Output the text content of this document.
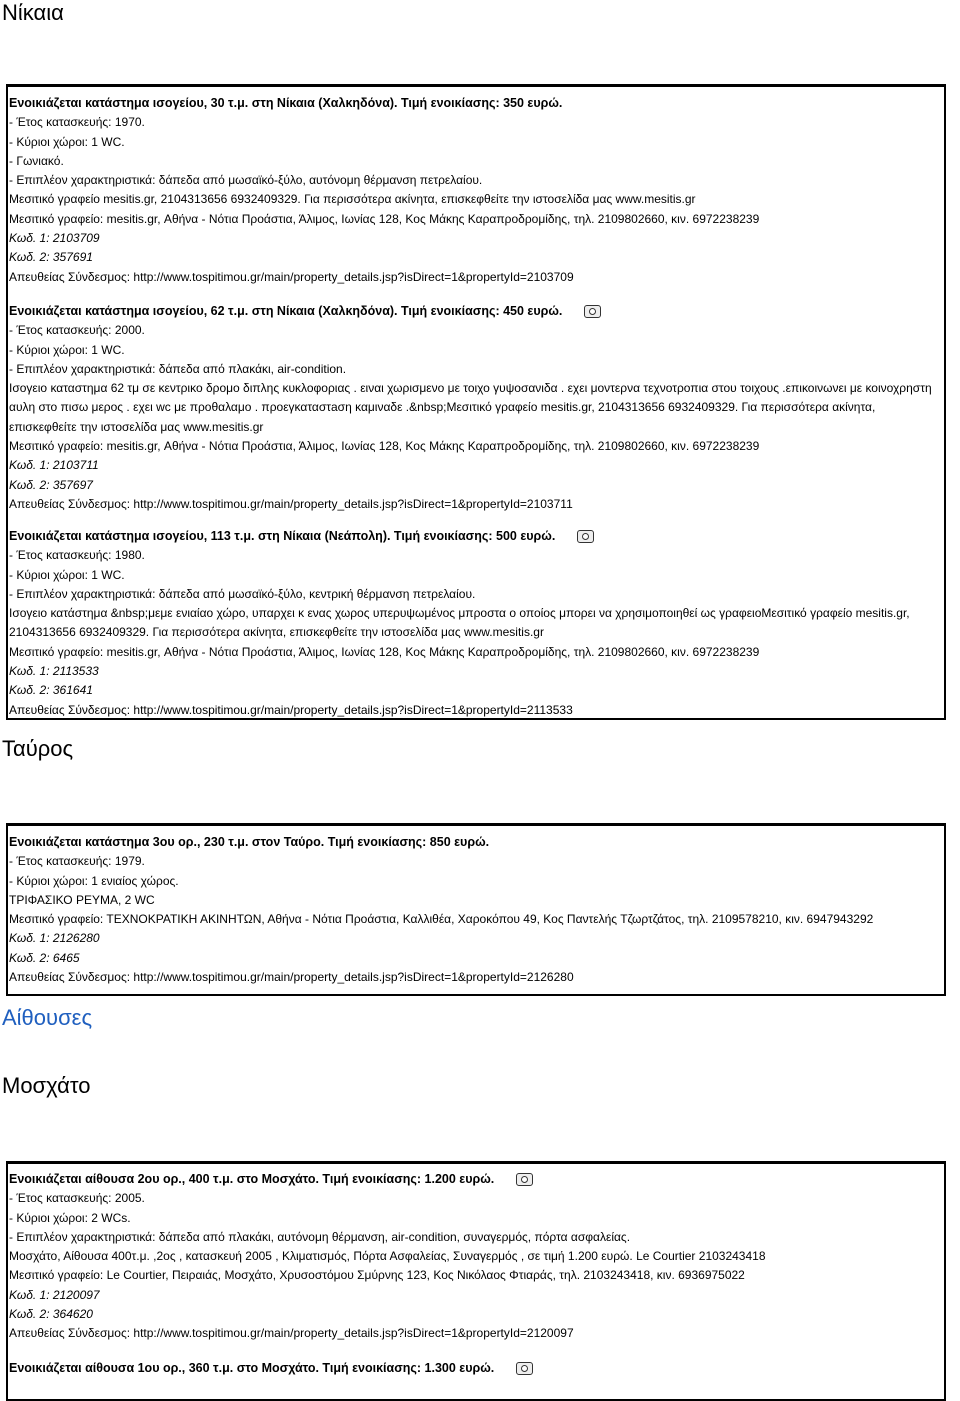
Νίκαια
Ενοικιάζεται κατάστημα ισογείου, 30 τ.μ. στη Νίκαια (Χαλκηδόνα). Τιμή ενοικίασης: 350 ευρώ.
- Έτος κατασκευής: 1970.
- Κύριοι χώροι: 1 WC.
- Γωνιακό.
- Επιπλέον χαρακτηριστικά: δάπεδα από μωσαϊκό-ξύλο, αυτόνομη θέρμανση πετρελαίου.
Μεσιτικό γραφείο mesitis.gr, 2104313656 6932409329. Για περισσότερα ακίνητα, επισκεφθείτε την ιστοσελίδα μας www.mesitis.gr
Μεσιτικό γραφείο: mesitis.gr, Αθήνα - Νότια Προάστια, Άλιμος, Ιωνίας 128, Κος Μάκης Καραπροδρομίδης, τηλ. 2109802660, κιν. 6972238239
Κωδ. 1: 2103709
Κωδ. 2: 357691
Απευθείας Σύνδεσμος: http://www.tospitimou.gr/main/property_details.jsp?isDirect=1&propertyId=2103709
Ενοικιάζεται κατάστημα ισογείου, 62 τ.μ. στη Νίκαια (Χαλκηδόνα). Τιμή ενοικίασης: 450 ευρώ.
- Έτος κατασκευής: 2000.
- Κύριοι χώροι: 1 WC.
- Επιπλέον χαρακτηριστικά: δάπεδα από πλακάκι, air-condition.
Ισογειο καταστημα 62 τμ σε κεντρικο δρομο διπλης κυκλοφοριας . ειναι χωρισμενο με τοιχο γυψοσανιδα . εχει μοντερνα τεχνοτροπια στου τοιχους .επικοινωνει με κοινοχρηστη αυλη στο πισω μερος . εχει wc με προθαλαμο . προεγκαταστaση καμιναδε .&nbsp;Μεσιτικό γραφείο mesitis.gr, 2104313656 6932409329. Για περισσότερα ακίνητα, επισκεφθείτε την ιστοσελίδα μας www.mesitis.gr
Μεσιτικό γραφείο: mesitis.gr, Αθήνα - Νότια Προάστια, Άλιμος, Ιωνίας 128, Κος Μάκης Καραπροδρομίδης, τηλ. 2109802660, κιν. 6972238239
Κωδ. 1: 2103711
Κωδ. 2: 357697
Απευθείας Σύνδεσμος: http://www.tospitimou.gr/main/property_details.jsp?isDirect=1&propertyId=2103711
Ενοικιάζεται κατάστημα ισογείου, 113 τ.μ. στη Νίκαια (Νεάπολη). Τιμή ενοικίασης: 500 ευρώ.
- Έτος κατασκευής: 1980.
- Κύριοι χώροι: 1 WC.
- Επιπλέον χαρακτηριστικά: δάπεδα από μωσαϊκό-ξύλο, κεντρική θέρμανση πετρελαίου.
Ισογειο κατάστημα &nbsp;μεμε ενιαίαο χώρο, υπαρχει κ ενας χωρος υπερυψωμένος μπροστα ο οποίος μπορει να χρησιμοποιηθεί ως γραφειοΜεσιτικό γραφείο mesitis.gr, 2104313656 6932409329. Για περισσότερα ακίνητα, επισκεφθείτε την ιστοσελίδα μας www.mesitis.gr
Μεσιτικό γραφείο: mesitis.gr, Αθήνα - Νότια Προάστια, Άλιμος, Ιωνίας 128, Κος Μάκης Καραπροδρομίδης, τηλ. 2109802660, κιν. 6972238239
Κωδ. 1: 2113533
Κωδ. 2: 361641
Απευθείας Σύνδεσμος: http://www.tospitimou.gr/main/property_details.jsp?isDirect=1&propertyId=2113533
Ταύρος
Ενοικιάζεται κατάστημα 3ου ορ., 230 τ.μ. στον Ταύρο. Τιμή ενοικίασης: 850 ευρώ.
- Έτος κατασκευής: 1979.
- Κύριοι χώροι: 1 ενιαίος χώρος.
ΤΡΙΦΑΣΙΚΟ ΡΕΥΜΑ, 2 WC
Μεσιτικό γραφείο: ΤΕΧΝΟΚΡΑΤΙΚΗ ΑΚΙΝΗΤΩΝ, Αθήνα - Νότια Προάστια, Καλλιθέα, Χαροκόπου 49, Κος Παντελής Τζωρτζάτος, τηλ. 2109578210, κιν. 6947943292
Κωδ. 1: 2126280
Κωδ. 2: 6465
Απευθείας Σύνδεσμος: http://www.tospitimou.gr/main/property_details.jsp?isDirect=1&propertyId=2126280
Αίθουσες
Μοσχάτο
Ενοικιάζεται αίθουσα 2ου ορ., 400 τ.μ. στο Μοσχάτο. Τιμή ενοικίασης: 1.200 ευρώ.
- Έτος κατασκευής: 2005.
- Κύριοι χώροι: 2 WCs.
- Επιπλέον χαρακτηριστικά: δάπεδα από πλακάκι, αυτόνομη θέρμανση, air-condition, συναγερμός, πόρτα ασφαλείας.
Μοσχάτο, Αίθουσα 400τ.μ. ,2ος , κατασκευή 2005 , Κλιματισμός, Πόρτα Ασφαλείας, Συναγερμός , σε τιμή 1.200 ευρώ. Le Courtier 2103243418
Μεσιτικό γραφείο: Le Courtier, Πειραιάς, Μοσχάτο, Χρυσοστόμου Σμύρνης 123, Κος Νικόλαος Φτιαράς, τηλ. 2103243418, κιν. 6936975022
Κωδ. 1: 2120097
Κωδ. 2: 364620
Απευθείας Σύνδεσμος: http://www.tospitimou.gr/main/property_details.jsp?isDirect=1&propertyId=2120097
Ενοικιάζεται αίθουσα 1ου ορ., 360 τ.μ. στο Μοσχάτο. Τιμή ενοικίασης: 1.300 ευρώ.
